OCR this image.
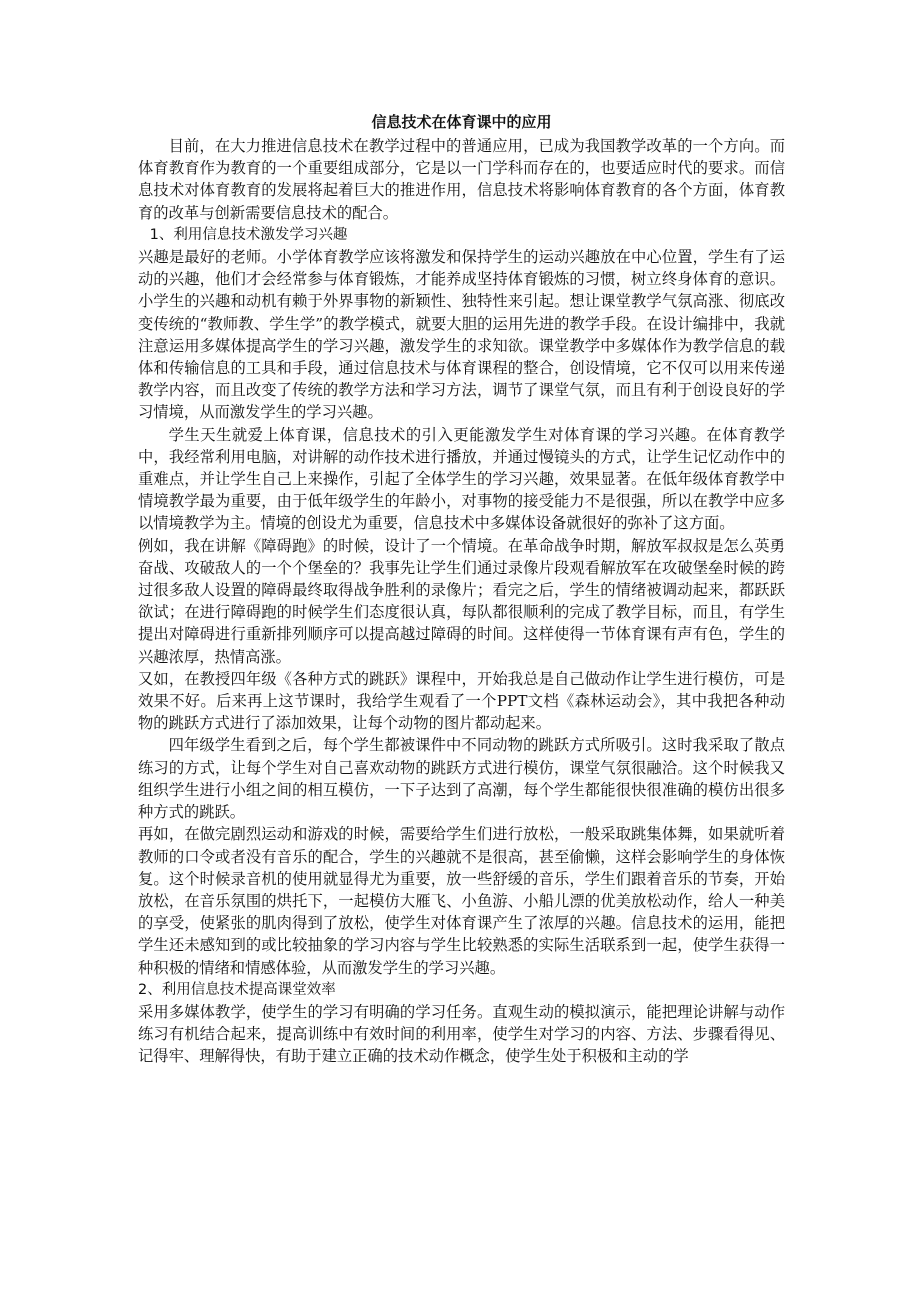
信息技术在体育课中的应用

目前，在大力推进信息技术在教学过程中的普通应用，已成为我国教学改革的一个方向。而体育教育作为教育的一个重要组成部分，它是以一门学科而存在的，也要适应时代的要求。而信息技术对体育教育的发展将起着巨大的推进作用，信息技术将影响体育教育的各个方面，体育教育的改革与创新需要信息技术的配合。

1、利用信息技术激发学习兴趣

兴趣是最好的老师。小学体育教学应该将激发和保持学生的运动兴趣放在中心位置，学生有了运动的兴趣，他们才会经常参与体育锻炼，才能养成坚持体育锻炼的习惯，树立终身体育的意识。小学生的兴趣和动机有赖于外界事物的新颖性、独特性来引起。想让课堂教学气氛高涨、彻底改变传统的“教师教、学生学”的教学模式，就要大胆的运用先进的教学手段。在设计编排中，我就注意运用多媒体提高学生的学习兴趣，激发学生的求知欲。课堂教学中多媒体作为教学信息的载体和传输信息的工具和手段，通过信息技术与体育课程的整合，创设情境，它不仅可以用来传递教学内容，而且改变了传统的教学方法和学习方法，调节了课堂气氛，而且有利于创设良好的学习情境，从而激发学生的学习兴趣。

学生天生就爱上体育课，信息技术的引入更能激发学生对体育课的学习兴趣。在体育教学中，我经常利用电脑，对讲解的动作技术进行播放，并通过慢镜头的方式，让学生记忆动作中的重难点，并让学生自己上来操作，引起了全体学生的学习兴趣，效果显著。在低年级体育教学中情境教学最为重要，由于低年级学生的年龄小，对事物的接受能力不是很强，所以在教学中应多以情境教学为主。情境的创设尤为重要，信息技术中多媒体设备就很好的弥补了这方面。

例如，我在讲解《障碍跑》的时候，设计了一个情境。在革命战争时期，解放军叔叔是怎么英勇奋战、攻破敌人的一个个堡垒的？我事先让学生们通过录像片段观看解放军在攻破堡垒时候的跨过很多敌人设置的障碍最终取得战争胜利的录像片；看完之后，学生的情绪被调动起来，都跃跃欲试；在进行障碍跑的时候学生们态度很认真，每队都很顺利的完成了教学目标，而且，有学生提出对障碍进行重新排列顺序可以提高越过障碍的时间。这样使得一节体育课有声有色，学生的兴趣浓厚，热情高涨。

又如，在教授四年级《各种方式的跳跃》课程中，开始我总是自己做动作让学生进行模仿，可是效果不好。后来再上这节课时，我给学生观看了一个PPT文档《森林运动会》，其中我把各种动物的跳跃方式进行了添加效果，让每个动物的图片都动起来。

四年级学生看到之后，每个学生都被课件中不同动物的跳跃方式所吸引。这时我采取了散点练习的方式，让每个学生对自己喜欢动物的跳跃方式进行模仿，课堂气氛很融洽。这个时候我又组织学生进行小组之间的相互模仿，一下子达到了高潮，每个学生都能很快很准确的模仿出很多种方式的跳跃。

再如，在做完剧烈运动和游戏的时候，需要给学生们进行放松，一般采取跳集体舞，如果就听着教师的口令或者没有音乐的配合，学生的兴趣就不是很高，甚至偷懒，这样会影响学生的身体恢复。这个时候录音机的使用就显得尤为重要，放一些舒缓的音乐，学生们跟着音乐的节奏，开始放松，在音乐氛围的烘托下，一起模仿大雁飞、小鱼游、小船儿漂的优美放松动作，给人一种美的享受，使紧张的肌肉得到了放松，使学生对体育课产生了浓厚的兴趣。信息技术的运用，能把学生还未感知到的或比较抽象的学习内容与学生比较熟悉的实际生活联系到一起，使学生获得一种积极的情绪和情感体验，从而激发学生的学习兴趣。

2、利用信息技术提高课堂效率

采用多媒体教学，使学生的学习有明确的学习任务。直观生动的模拟演示，能把理论讲解与动作练习有机结合起来，提高训练中有效时间的利用率，使学生对学习的内容、方法、步骤看得见、记得牢、理解得快，有助于建立正确的技术动作概念，使学生处于积极和主动的学
